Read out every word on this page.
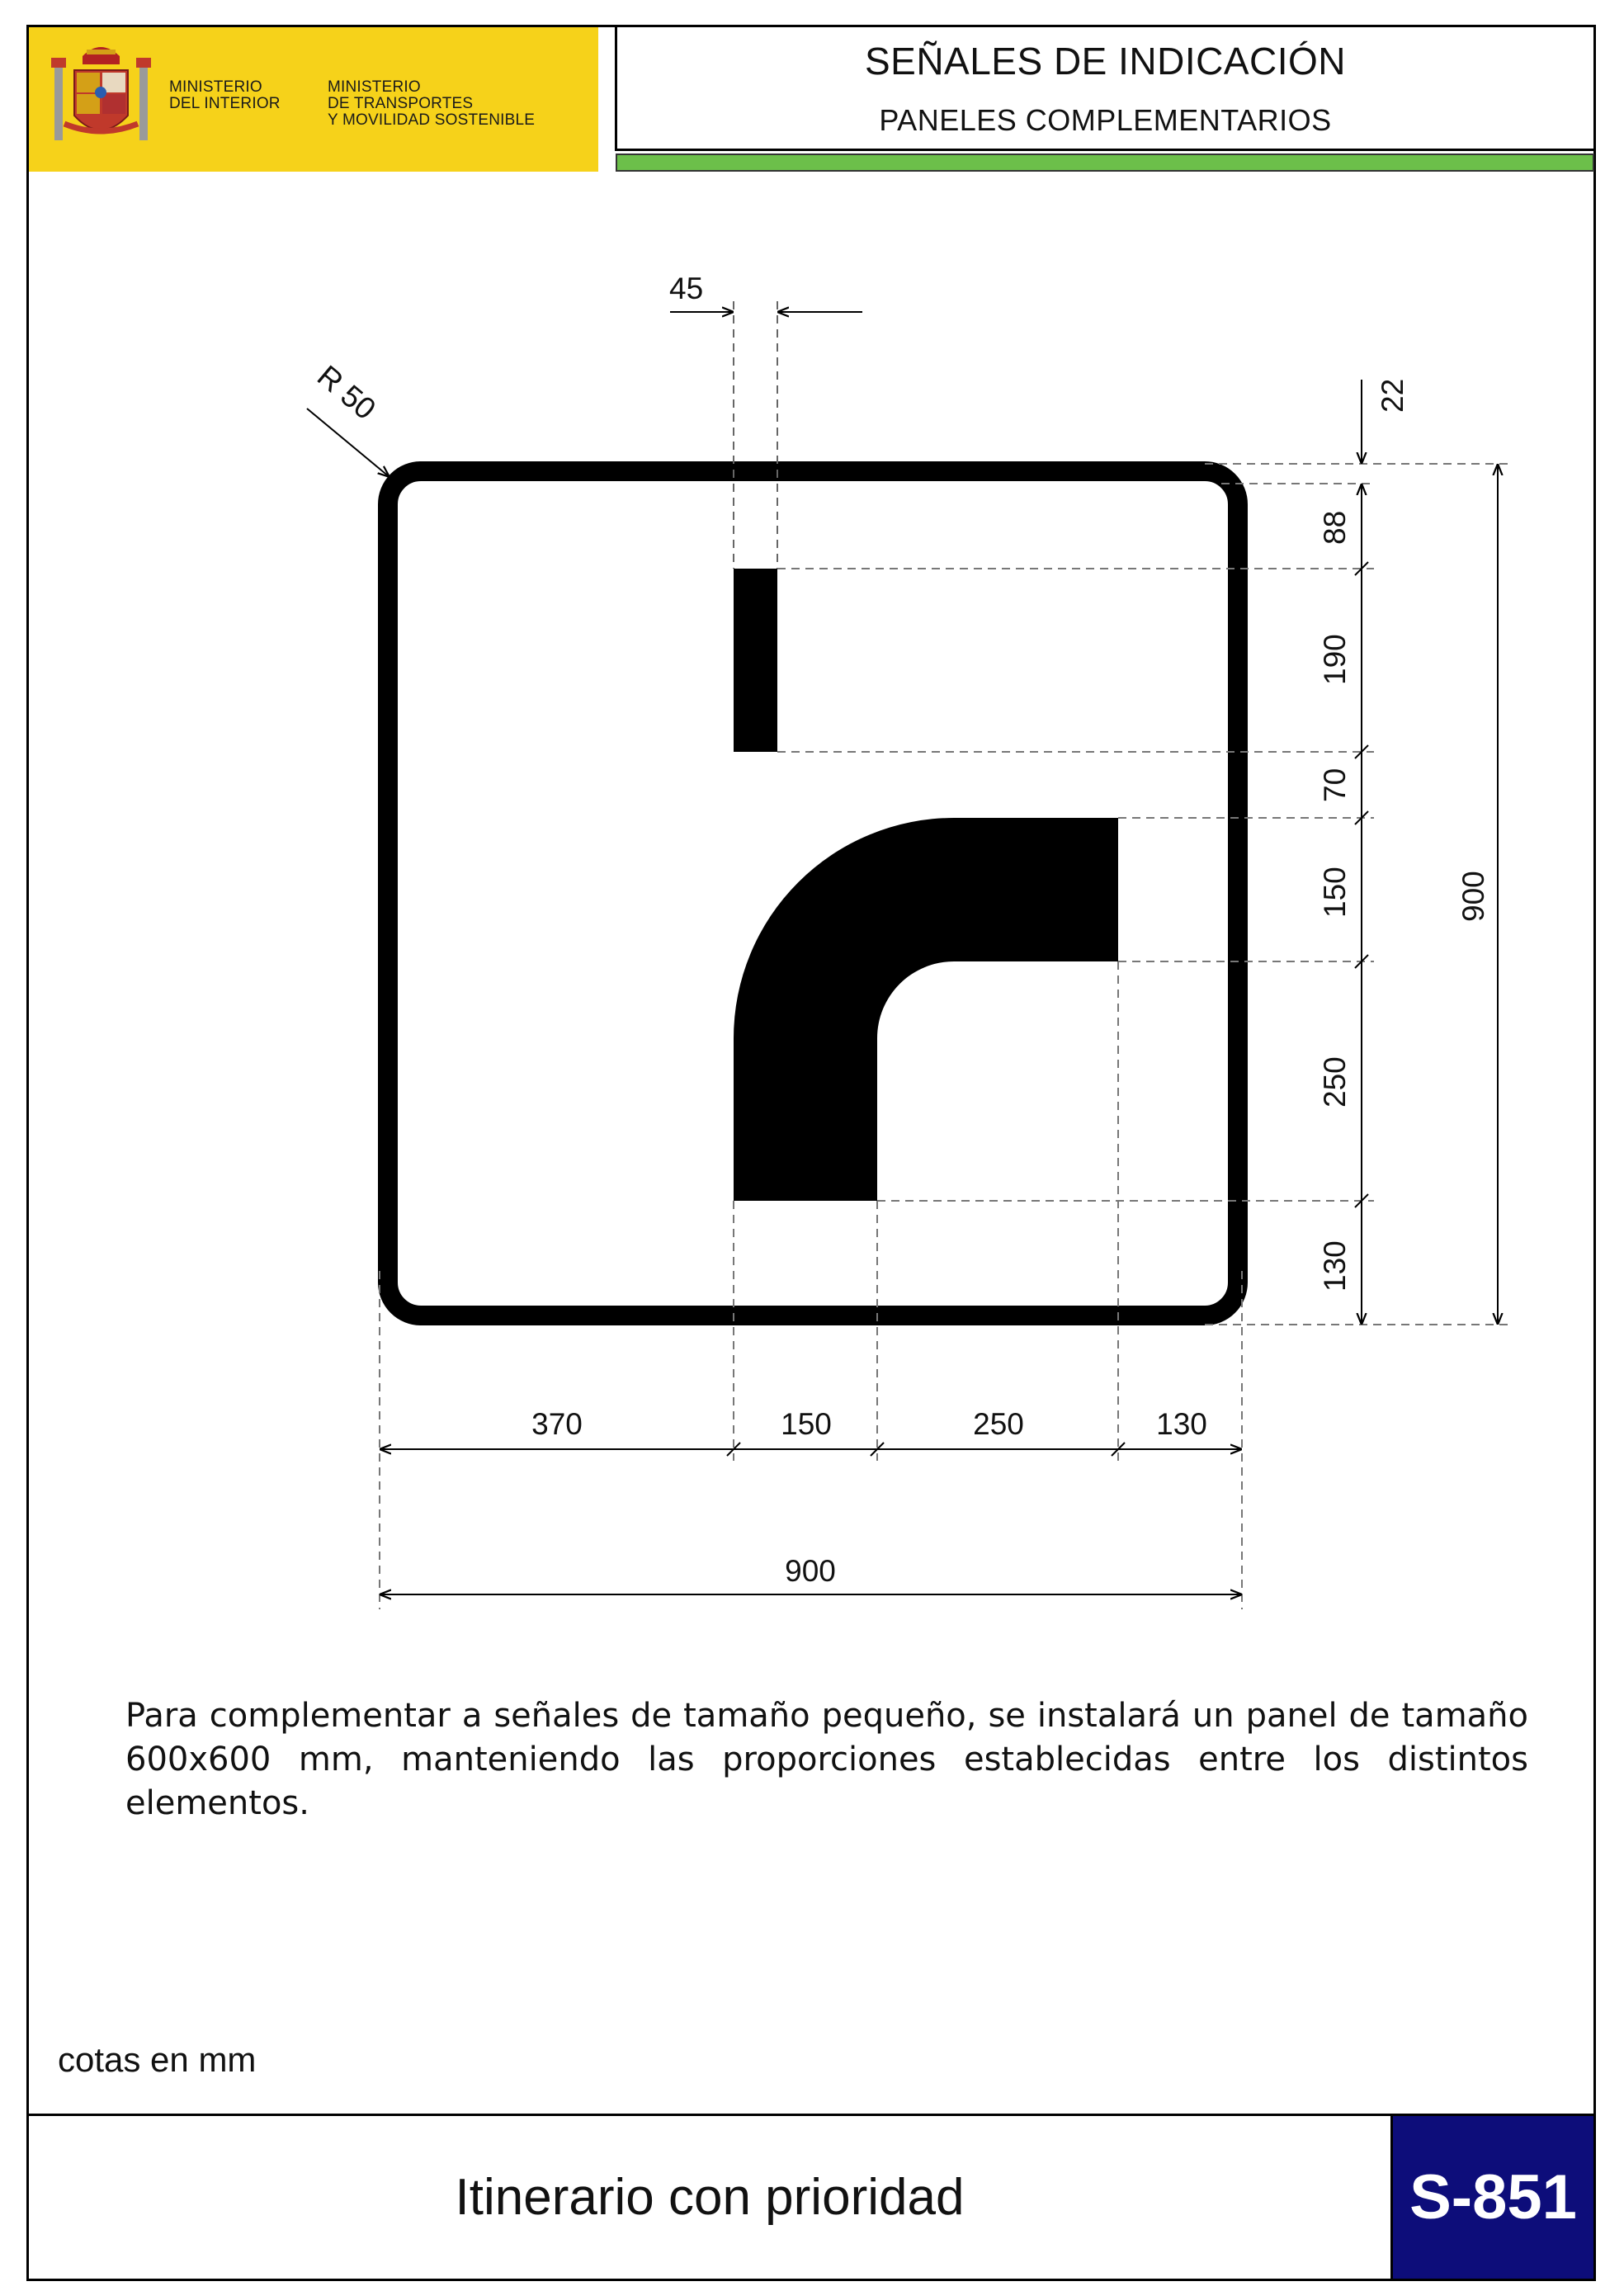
MINISTERIO
DEL INTERIOR
MINISTERIO
DE TRANSPORTES
Y MOVILIDAD SOSTENIBLE
SEÑALES DE INDICACIÓN
PANELES COMPLEMENTARIOS
R 50
45
22
88
190
70
150
250
130
900
370	150	250	130
900
Para complementar a señales de tamaño pequeño, se instalará un panel de tamaño 600x600 mm, manteniendo las proporciones establecidas entre los distintos elementos.
cotas en mm
Itinerario con prioridad	S-851
